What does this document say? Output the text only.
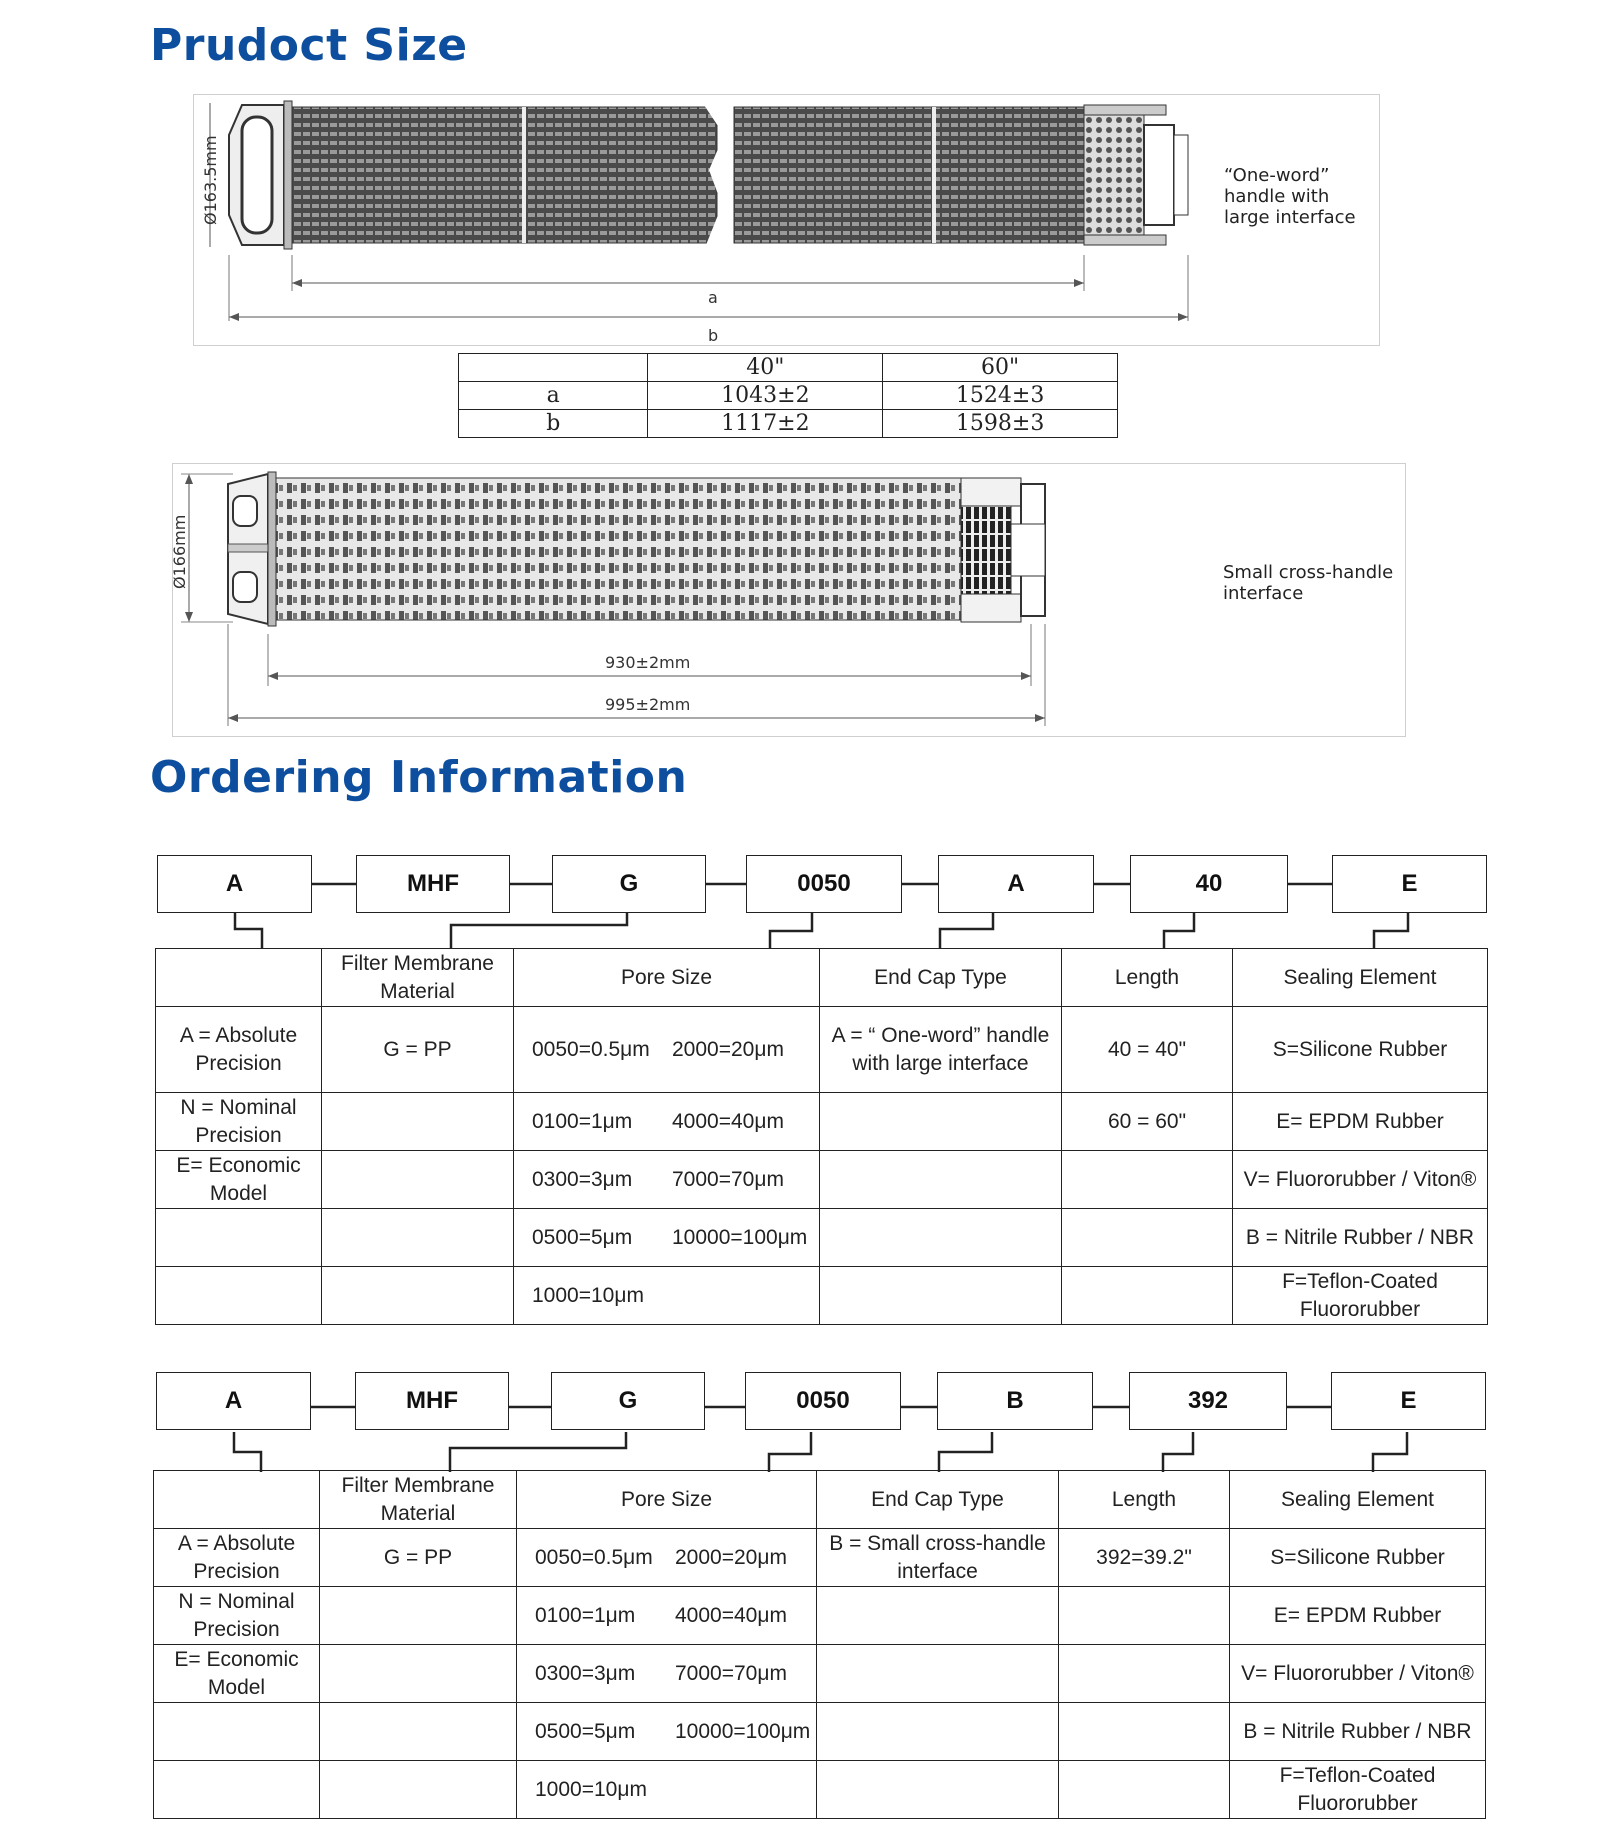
Prudoct Size
Ø163.5mm
a
b
“One-word”
handle with
large interface
	40"	60"
a	1043±2	1524±3
b	1117±2	1598±3
Ø166mm
930±2mm
995±2mm
Small cross-handle
interface
Ordering Information
A	MHF	G	0050	A	40	E
	Filter Membrane Material	Pore Size	End Cap Type	Length	Sealing Element
A = Absolute Precision	G = PP	0050=0.5μm 2000=20μm	A = “ One-word” handle with large interface	40 = 40"	S=Silicone Rubber
N = Nominal Precision		0100=1μm 4000=40μm		60 = 60"	E= EPDM Rubber
E= Economic Model		0300=3μm 7000=70μm			V= Fluororubber / Viton®
		0500=5μm 10000=100μm			B = Nitrile Rubber / NBR
		1000=10μm			F=Teflon-Coated Fluororubber
A	MHF	G	0050	B	392	E
	Filter Membrane Material	Pore Size	End Cap Type	Length	Sealing Element
A = Absolute Precision	G = PP	0050=0.5μm 2000=20μm	B = Small cross-handle interface	392=39.2"	S=Silicone Rubber
N = Nominal Precision		0100=1μm 4000=40μm			E= EPDM Rubber
E= Economic Model		0300=3μm 7000=70μm			V= Fluororubber / Viton®
		0500=5μm 10000=100μm			B = Nitrile Rubber / NBR
		1000=10μm			F=Teflon-Coated Fluororubber
